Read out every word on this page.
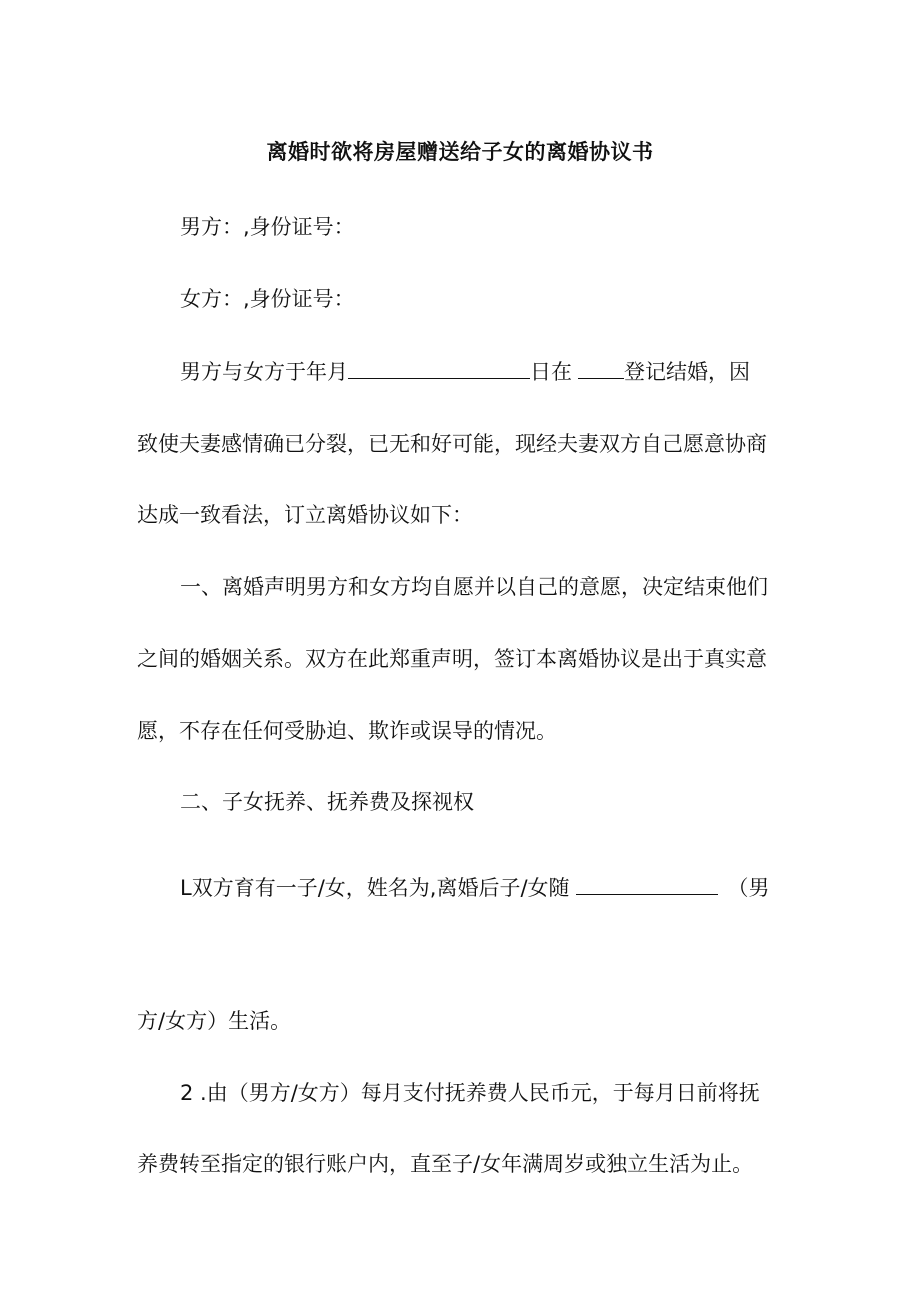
离婚时欲将房屋赠送给子女的离婚协议书
男方：,身份证号：
女方：,身份证号：
男方与女方于年月	日在 登记结婚，因
致使夫妻感情确已分裂，已无和好可能，现经夫妻双方自己愿意协商
达成一致看法，订立离婚协议如下：
一、离婚声明男方和女方均自愿并以自己的意愿，决定结束他们
之间的婚姻关系。双方在此郑重声明，签订本离婚协议是出于真实意
愿，不存在任何受胁迫、欺诈或误导的情况。
二、子女抚养、抚养费及探视权
L双方育有一子/女，姓名为,离婚后子/女随	（男
方/女方）生活。
2 .由（男方/女方）每月支付抚养费人民币元，于每月日前将抚
养费转至指定的银行账户内，直至子/女年满周岁或独立生活为止。
